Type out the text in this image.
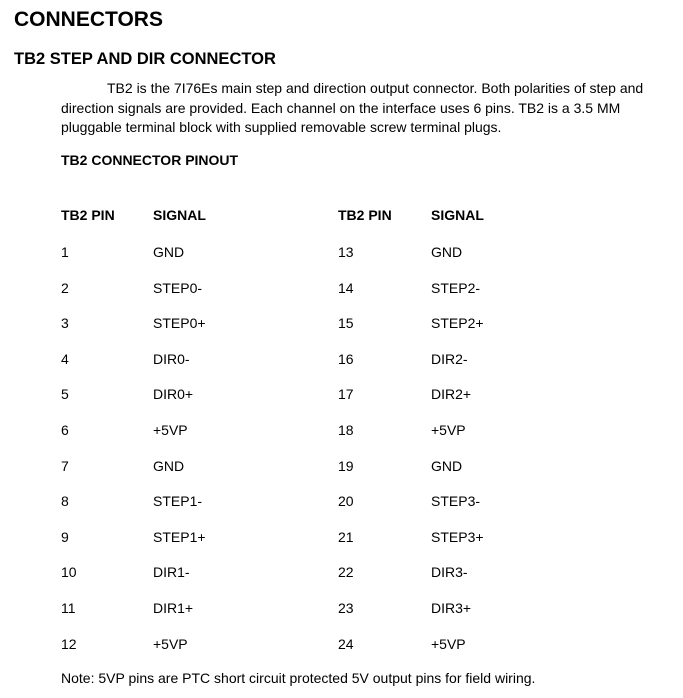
CONNECTORS
TB2 STEP AND DIR CONNECTOR

TB2 is the 7I76Es main step and direction output connector. Both polarities of step and direction signals are provided. Each channel on the interface uses 6 pins. TB2 is a 3.5 MM pluggable terminal block with supplied removable screw terminal plugs.

TB2 CONNECTOR PINOUT
TB2 PIN	SIGNAL	TB2 PIN	SIGNAL
1	GND	13	GND
2	STEP0-	14	STEP2-
3	STEP0+	15	STEP2+
4	DIR0-	16	DIR2-
5	DIR0+	17	DIR2+
6	+5VP	18	+5VP
7	GND	19	GND
8	STEP1-	20	STEP3-
9	STEP1+	21	STEP3+
10	DIR1-	22	DIR3-
11	DIR1+	23	DIR3+
12	+5VP	24	+5VP
Note: 5VP pins are PTC short circuit protected 5V output pins for field wiring.
